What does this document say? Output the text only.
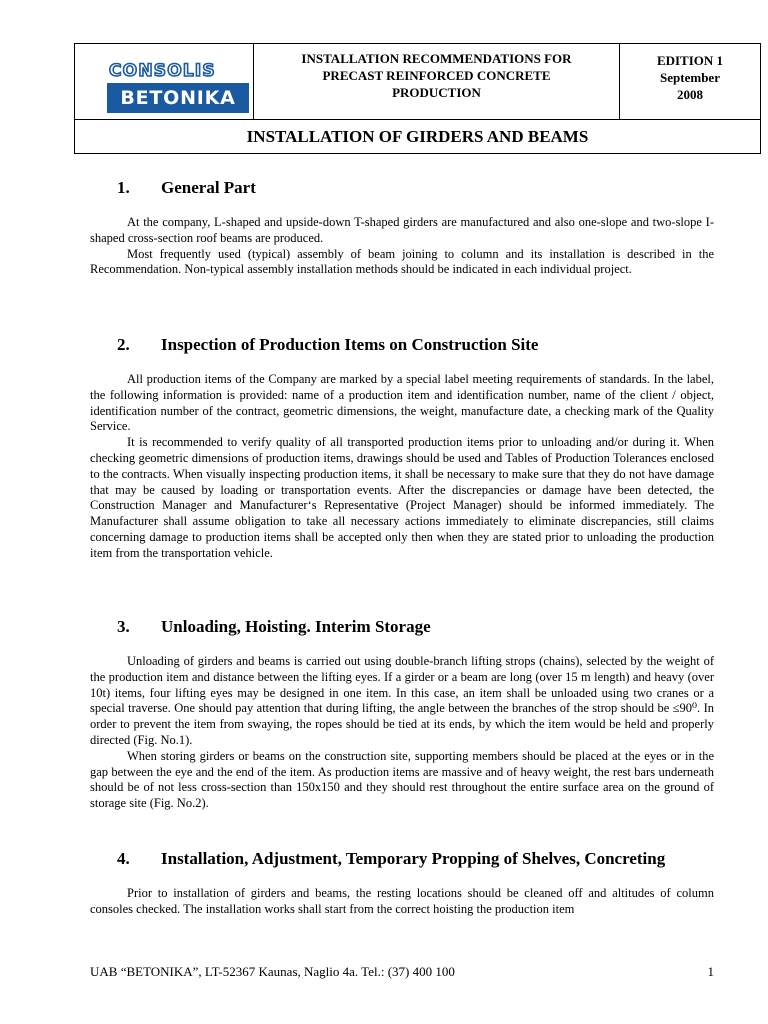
CONSOLIS
BETONIKA

INSTALLATION RECOMMENDATIONS FOR
PRECAST REINFORCED CONCRETE
PRODUCTION

EDITION 1
September
2008

INSTALLATION OF GIRDERS AND BEAMS
1. General Part

At the company, L-shaped and upside-down T-shaped girders are manufactured and also one-slope and two-slope I-shaped cross-section roof beams are produced.

Most frequently used (typical) assembly of beam joining to column and its installation is described in the Recommendation. Non-typical assembly installation methods should be indicated in each individual project.

2. Inspection of Production Items on Construction Site

All production items of the Company are marked by a special label meeting requirements of standards. In the label, the following information is provided: name of a production item and identification number, name of the client / object, identification number of the contract, geometric dimensions, the weight, manufacture date, a checking mark of the Quality Service.

It is recommended to verify quality of all transported production items prior to unloading and/or during it. When checking geometric dimensions of production items, drawings should be used and Tables of Production Tolerances enclosed to the contracts. When visually inspecting production items, it shall be necessary to make sure that they do not have damage that may be caused by loading or transportation events. After the discrepancies or damage have been detected, the Construction Manager and Manufacturer‘s Representative (Project Manager) should be informed immediately. The Manufacturer shall assume obligation to take all necessary actions immediately to eliminate discrepancies, still claims concerning damage to production items shall be accepted only then when they are stated prior to unloading the production item from the transportation vehicle.

3. Unloading, Hoisting. Interim Storage

Unloading of girders and beams is carried out using double-branch lifting strops (chains), selected by the weight of the production item and distance between the lifting eyes. If a girder or a beam are long (over 15 m length) and heavy (over 10t) items, four lifting eyes may be designed in one item. In this case, an item shall be unloaded using two cranes or a special traverse. One should pay attention that during lifting, the angle between the branches of the strop should be ≤90⁰. In order to prevent the item from swaying, the ropes should be tied at its ends, by which the item would be held and properly directed (Fig. No.1).

When storing girders or beams on the construction site, supporting members should be placed at the eyes or in the gap between the eye and the end of the item. As production items are massive and of heavy weight, the rest bars underneath should be of not less cross-section than 150x150 and they should rest throughout the entire surface area on the ground of storage site (Fig. No.2).

4. Installation, Adjustment, Temporary Propping of Shelves, Concreting

Prior to installation of girders and beams, the resting locations should be cleaned off and altitudes of column consoles checked. The installation works shall start from the correct hoisting the production item

UAB “BETONIKA”, LT-52367 Kaunas, Naglio 4a. Tel.: (37) 400 100	1
